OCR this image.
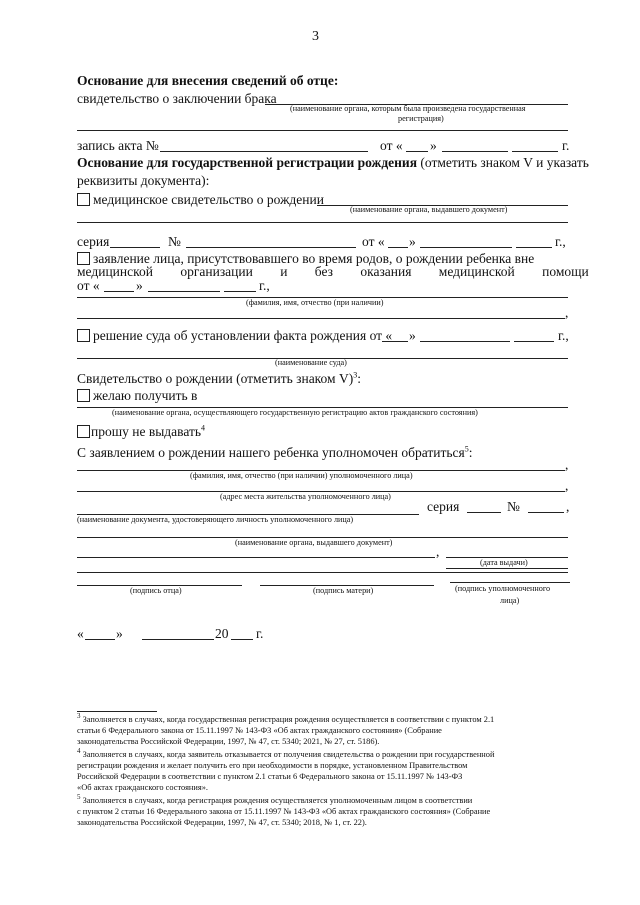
3
Основание для внесения сведений об отце:
свидетельство о заключении брака
(наименование органа, которым была произведена государственная
регистрация)
запись акта №	от « »	г.
Основание для государственной регистрации рождения (отметить знаком V и указать
реквизиты документа):
медицинское свидетельство о рождении
(наименование органа, выдавшего документ)
серия	№	от « »	г.,
заявление лица, присутствовавшего во время родов, о рождении ребенка вне
медицинской организации и без оказания медицинской помощи
от «	»	г.,
(фамилия, имя, отчество (при наличии)
,
решение суда об установлении факта рождения от « »	г.,
(наименование суда)
Свидетельство о рождении (отметить знаком V)$^3$:
желаю получить в
(наименование органа, осуществляющего государственную регистрацию актов гражданского состояния)
прошу не выдавать$^4$
С заявлением о рождении нашего ребенка уполномочен обратиться$^5$:
,
(фамилия, имя, отчество (при наличии) уполномоченного лица)
,
(адрес места жительства уполномоченного лица)
серия	№	,
(наименование документа, удостоверяющего личность уполномоченного лица)
(наименование органа, выдавшего документ)
,
(дата выдачи)
(подпись отца)	(подпись матери)	(подпись уполномоченного
лица)
« »	20 г.
$^3$ Заполняется в случаях, когда государственная регистрация рождения осуществляется в соответствии с пунктом 2.1
статьи 6 Федерального закона от 15.11.1997 № 143-ФЗ «Об актах гражданского состояния» (Собрание
законодательства Российской Федерации, 1997, № 47, ст. 5340; 2021, № 27, ст. 5186).
$^4$ Заполняется в случаях, когда заявитель отказывается от получения свидетельства о рождении при государственной
регистрации рождения и желает получить его при необходимости в порядке, установленном Правительством
Российской Федерации в соответствии с пунктом 2.1 статьи 6 Федерального закона от 15.11.1997 № 143-ФЗ
«Об актах гражданского состояния».
$^5$ Заполняется в случаях, когда регистрация рождения осуществляется уполномоченным лицом в соответствии
с пунктом 2 статьи 16 Федерального закона от 15.11.1997 № 143-ФЗ «Об актах гражданского состояния» (Собрание
законодательства Российской Федерации, 1997, № 47, ст. 5340; 2018, № 1, ст. 22).
